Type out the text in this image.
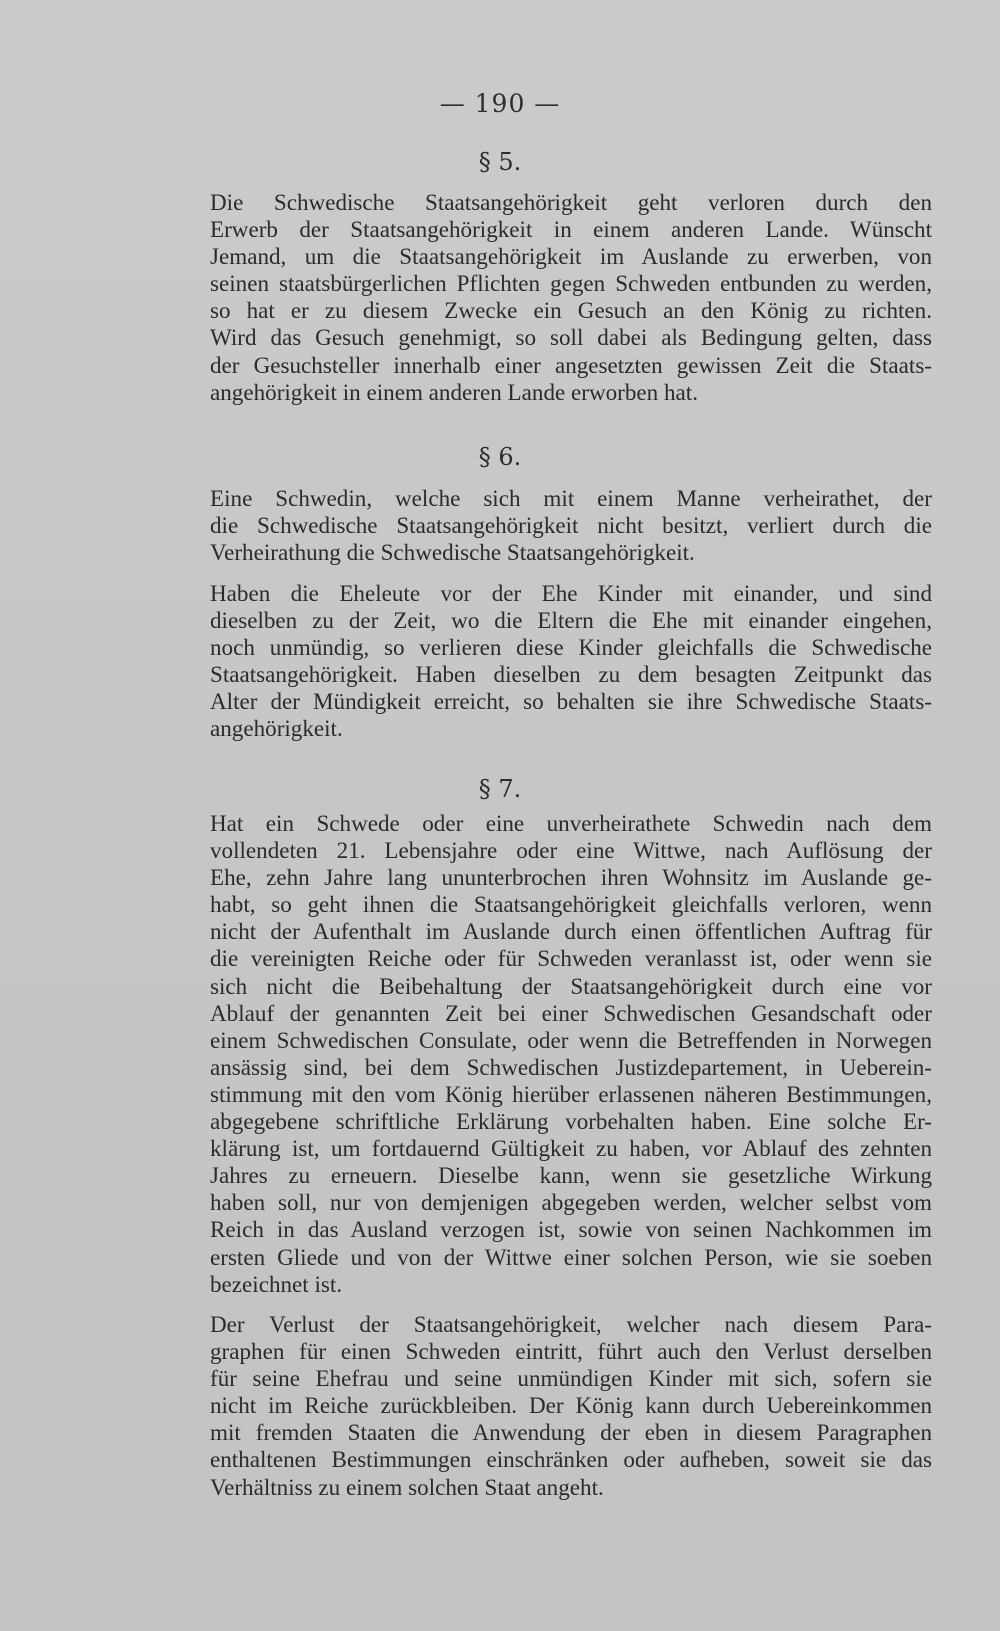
— 190 —
§ 5.
Die Schwedische Staatsangehörigkeit geht verloren durch den
Erwerb der Staatsangehörigkeit in einem anderen Lande. Wünscht
Jemand, um die Staatsangehörigkeit im Auslande zu erwerben, von
seinen staatsbürgerlichen Pflichten gegen Schweden entbunden zu werden,
so hat er zu diesem Zwecke ein Gesuch an den König zu richten.
Wird das Gesuch genehmigt, so soll dabei als Bedingung gelten, dass
der Gesuchsteller innerhalb einer angesetzten gewissen Zeit die Staats-
angehörigkeit in einem anderen Lande erworben hat.
§ 6.
Eine Schwedin, welche sich mit einem Manne verheirathet, der
die Schwedische Staatsangehörigkeit nicht besitzt, verliert durch die
Verheirathung die Schwedische Staatsangehörigkeit.
Haben die Eheleute vor der Ehe Kinder mit einander, und sind
dieselben zu der Zeit, wo die Eltern die Ehe mit einander eingehen,
noch unmündig, so verlieren diese Kinder gleichfalls die Schwedische
Staatsangehörigkeit. Haben dieselben zu dem besagten Zeitpunkt das
Alter der Mündigkeit erreicht, so behalten sie ihre Schwedische Staats-
angehörigkeit.
§ 7.
Hat ein Schwede oder eine unverheirathete Schwedin nach dem
vollendeten 21. Lebensjahre oder eine Wittwe, nach Auflösung der
Ehe, zehn Jahre lang ununterbrochen ihren Wohnsitz im Auslande ge-
habt, so geht ihnen die Staatsangehörigkeit gleichfalls verloren, wenn
nicht der Aufenthalt im Auslande durch einen öffentlichen Auftrag für
die vereinigten Reiche oder für Schweden veranlasst ist, oder wenn sie
sich nicht die Beibehaltung der Staatsangehörigkeit durch eine vor
Ablauf der genannten Zeit bei einer Schwedischen Gesandschaft oder
einem Schwedischen Consulate, oder wenn die Betreffenden in Norwegen
ansässig sind, bei dem Schwedischen Justizdepartement, in Ueberein-
stimmung mit den vom König hierüber erlassenen näheren Bestimmungen,
abgegebene schriftliche Erklärung vorbehalten haben. Eine solche Er-
klärung ist, um fortdauernd Gültigkeit zu haben, vor Ablauf des zehnten
Jahres zu erneuern. Dieselbe kann, wenn sie gesetzliche Wirkung
haben soll, nur von demjenigen abgegeben werden, welcher selbst vom
Reich in das Ausland verzogen ist, sowie von seinen Nachkommen im
ersten Gliede und von der Wittwe einer solchen Person, wie sie soeben
bezeichnet ist.
Der Verlust der Staatsangehörigkeit, welcher nach diesem Para-
graphen für einen Schweden eintritt, führt auch den Verlust derselben
für seine Ehefrau und seine unmündigen Kinder mit sich, sofern sie
nicht im Reiche zurückbleiben. Der König kann durch Uebereinkommen
mit fremden Staaten die Anwendung der eben in diesem Paragraphen
enthaltenen Bestimmungen einschränken oder aufheben, soweit sie das
Verhältniss zu einem solchen Staat angeht.
